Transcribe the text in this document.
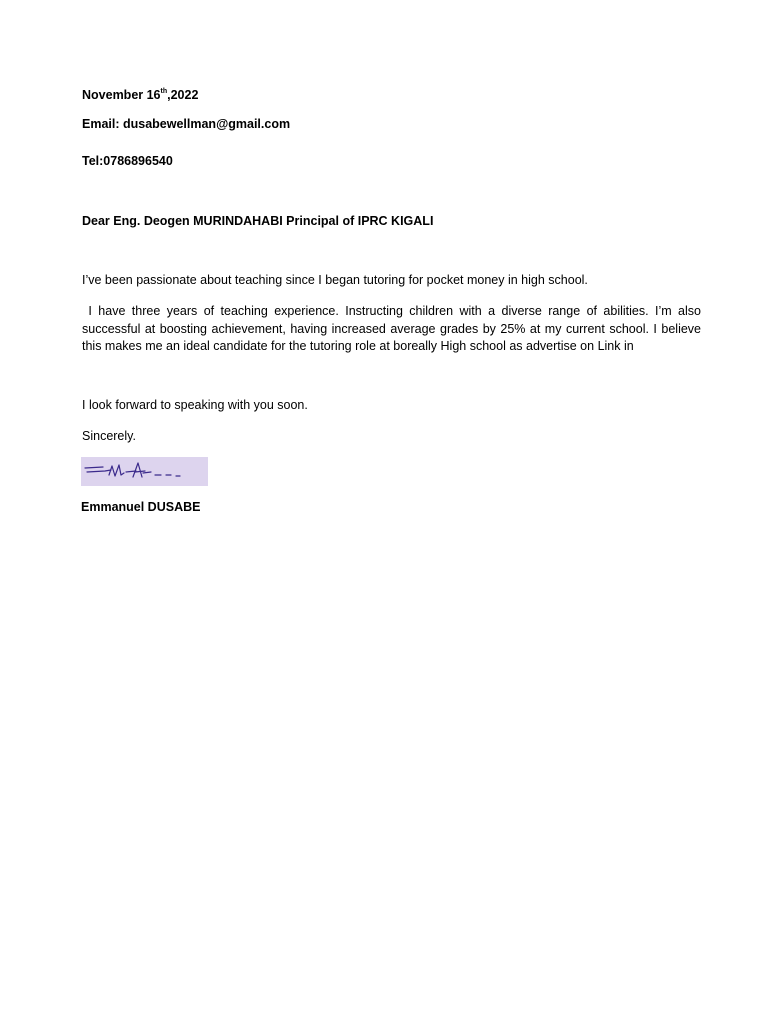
November 16th,2022
Email: dusabewellman@gmail.com
Tel:0786896540
Dear Eng. Deogen MURINDAHABI Principal of IPRC KIGALI
I’ve been passionate about teaching since I began tutoring for pocket money in high school.
I have three years of teaching experience. Instructing children with a diverse range of abilities. I’m also
successful at boosting achievement, having increased average grades by 25% at my current school. I believe
this makes me an ideal candidate for the tutoring role at boreally High school as advertise on Link in
I look forward to speaking with you soon.
Sincerely.
Emmanuel DUSABE
